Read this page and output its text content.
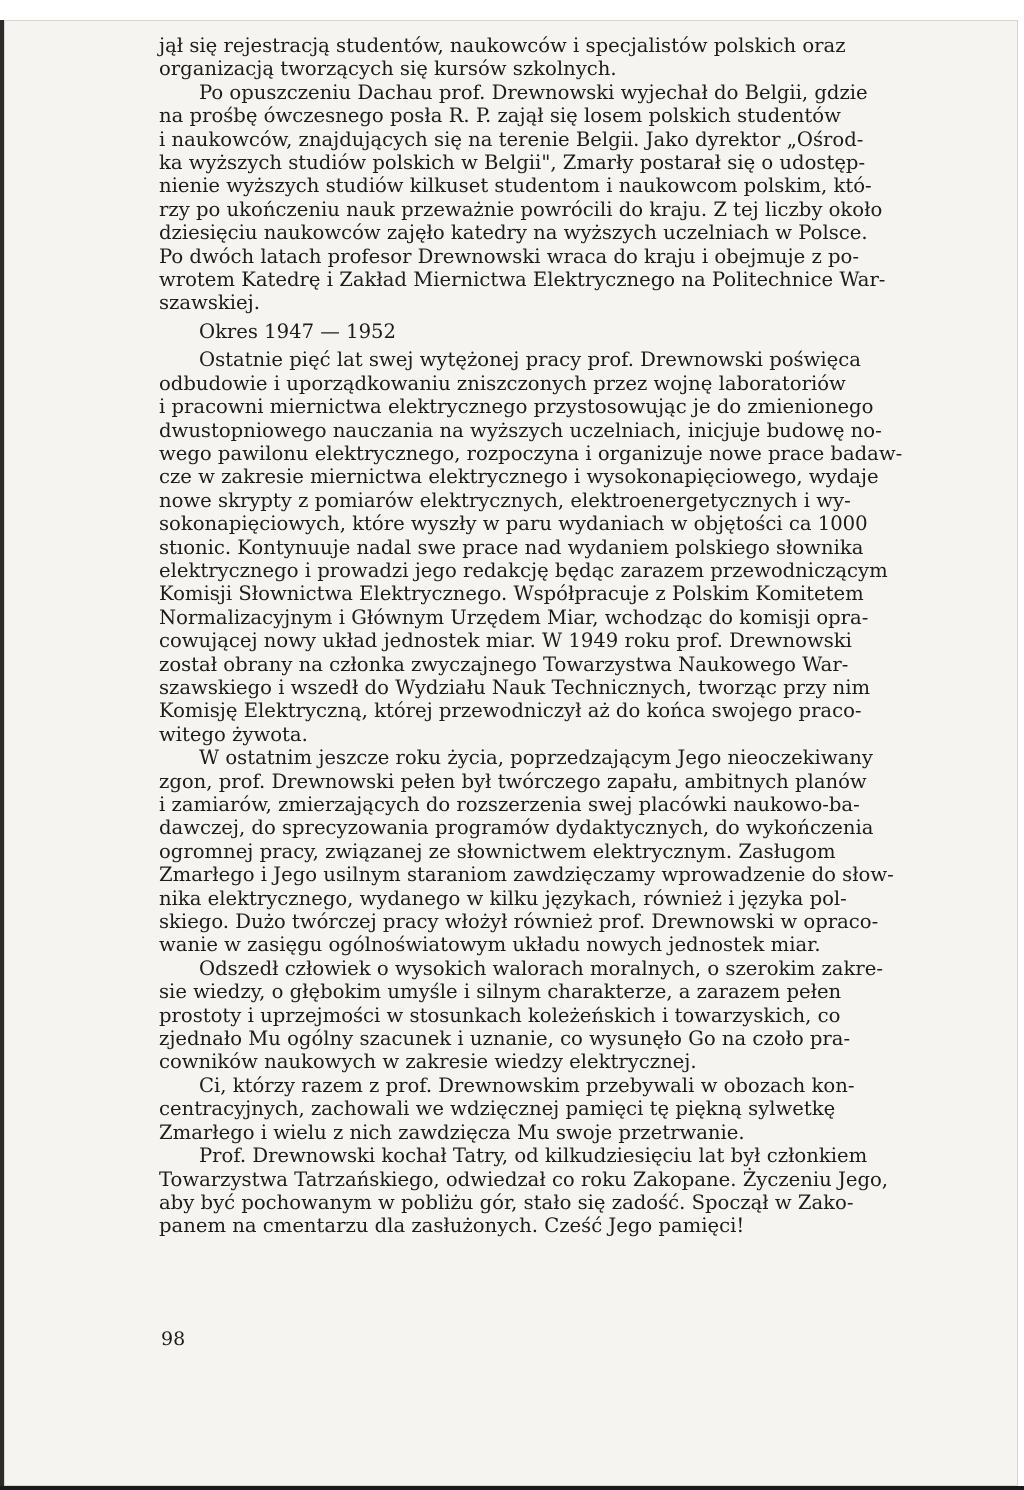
jął się rejestracją studentów, naukowców i specjalistów polskich oraz
organizacją tworzących się kursów szkolnych.

Po opuszczeniu Dachau prof. Drewnowski wyjechał do Belgii, gdzie
na prośbę ówczesnego posła R. P. zajął się losem polskich studentów
i naukowców, znajdujących się na terenie Belgii. Jako dyrektor „Ośrod-
ka wyższych studiów polskich w Belgii", Zmarły postarał się o udostęp-
nienie wyższych studiów kilkuset studentom i naukowcom polskim, któ-
rzy po ukończeniu nauk przeważnie powrócili do kraju. Z tej liczby około
dziesięciu naukowców zajęło katedry na wyższych uczelniach w Polsce.
Po dwóch latach profesor Drewnowski wraca do kraju i obejmuje z po-
wrotem Katedrę i Zakład Miernictwa Elektrycznego na Politechnice War-
szawskiej.

Okres 1947 — 1952

Ostatnie pięć lat swej wytężonej pracy prof. Drewnowski poświęca
odbudowie i uporządkowaniu zniszczonych przez wojnę laboratoriów
i pracowni miernictwa elektrycznego przystosowując je do zmienionego
dwustopniowego nauczania na wyższych uczelniach, inicjuje budowę no-
wego pawilonu elektrycznego, rozpoczyna i organizuje nowe prace badaw-
cze w zakresie miernictwa elektrycznego i wysokonapięciowego, wydaje
nowe skrypty z pomiarów elektrycznych, elektroenergetycznych i wy-
sokonapięciowych, które wyszły w paru wydaniach w objętości ca 1000
stıonic. Kontynuuje nadal swe prace nad wydaniem polskiego słownika
elektrycznego i prowadzi jego redakcję będąc zarazem przewodniczącym
Komisji Słownictwa Elektrycznego. Współpracuje z Polskim Komitetem
Normalizacyjnym i Głównym Urzędem Miar, wchodząc do komisji opra-
cowującej nowy układ jednostek miar. W 1949 roku prof. Drewnowski
został obrany na członka zwyczajnego Towarzystwa Naukowego War-
szawskiego i wszedł do Wydziału Nauk Technicznych, tworząc przy nim
Komisję Elektryczną, której przewodniczył aż do końca swojego praco-
witego żywota.

W ostatnim jeszcze roku życia, poprzedzającym Jego nieoczekiwany
zgon, prof. Drewnowski pełen był twórczego zapału, ambitnych planów
i zamiarów, zmierzających do rozszerzenia swej placówki naukowo-ba-
dawczej, do sprecyzowania programów dydaktycznych, do wykończenia
ogromnej pracy, związanej ze słownictwem elektrycznym. Zasługom
Zmarłego i Jego usilnym staraniom zawdzięczamy wprowadzenie do słow-
nika elektrycznego, wydanego w kilku językach, również i języka pol-
skiego. Dużo twórczej pracy włożył również prof. Drewnowski w opraco-
wanie w zasięgu ogólnoświatowym układu nowych jednostek miar.

Odszedł człowiek o wysokich walorach moralnych, o szerokim zakre-
sie wiedzy, o głębokim umyśle i silnym charakterze, a zarazem pełen
prostoty i uprzejmości w stosunkach koleżeńskich i towarzyskich, co
zjednało Mu ogólny szacunek i uznanie, co wysunęło Go na czoło pra-
cowników naukowych w zakresie wiedzy elektrycznej.

Ci, którzy razem z prof. Drewnowskim przebywali w obozach kon-
centracyjnych, zachowali we wdzięcznej pamięci tę piękną sylwetkę
Zmarłego i wielu z nich zawdzięcza Mu swoje przetrwanie.

Prof. Drewnowski kochał Tatry, od kilkudziesięciu lat był członkiem
Towarzystwa Tatrzańskiego, odwiedzał co roku Zakopane. Życzeniu Jego,
aby być pochowanym w pobliżu gór, stało się zadość. Spoczął w Zako-
panem na cmentarzu dla zasłużonych. Cześć Jego pamięci!

98
